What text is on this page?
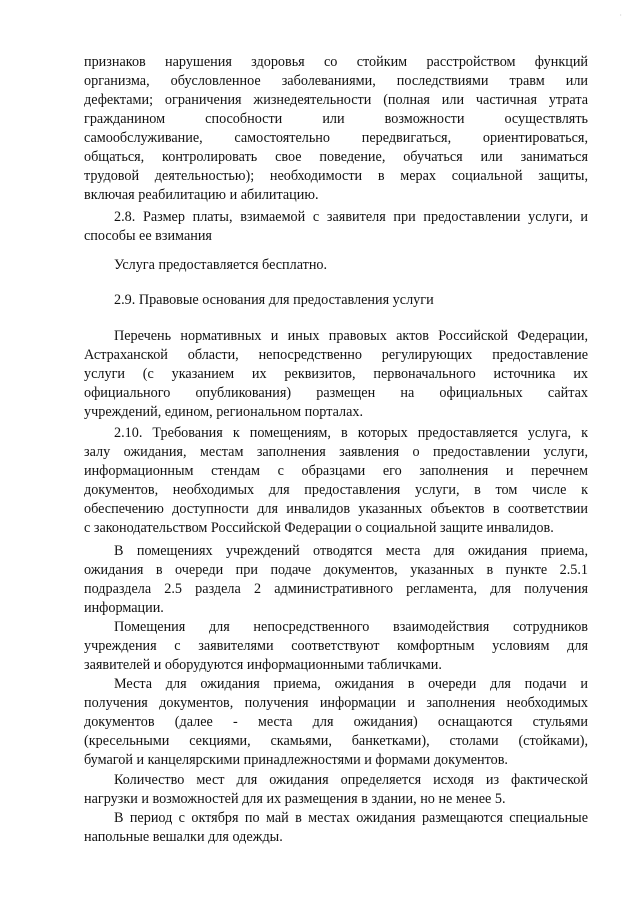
·
признаков нарушения здоровья со стойким расстройством функций
организма, обусловленное заболеваниями, последствиями травм или
дефектами; ограничения жизнедеятельности (полная или частичная утрата
гражданином способности или возможности осуществлять
самообслуживание, самостоятельно передвигаться, ориентироваться,
общаться, контролировать свое поведение, обучаться или заниматься
трудовой деятельностью); необходимости в мерах социальной защиты,
включая реабилитацию и абилитацию.
2.8. Размер платы, взимаемой с заявителя при предоставлении услуги, и
способы ее взимания
Услуга предоставляется бесплатно.
2.9. Правовые основания для предоставления услуги
Перечень нормативных и иных правовых актов Российской Федерации,
Астраханской области, непосредственно регулирующих предоставление
услуги (с указанием их реквизитов, первоначального источника их
официального опубликования) размещен на официальных сайтах
учреждений, едином, региональном порталах.
2.10. Требования к помещениям, в которых предоставляется услуга, к
залу ожидания, местам заполнения заявления о предоставлении услуги,
информационным стендам с образцами его заполнения и перечнем
документов, необходимых для предоставления услуги, в том числе к
обеспечению доступности для инвалидов указанных объектов в соответствии
с законодательством Российской Федерации о социальной защите инвалидов.
В помещениях учреждений отводятся места для ожидания приема,
ожидания в очереди при подаче документов, указанных в пункте 2.5.1
подраздела 2.5 раздела 2 административного регламента, для получения
информации.
Помещения для непосредственного взаимодействия сотрудников
учреждения с заявителями соответствуют комфортным условиям для
заявителей и оборудуются информационными табличками.
Места для ожидания приема, ожидания в очереди для подачи и
получения документов, получения информации и заполнения необходимых
документов (далее - места для ожидания) оснащаются стульями
(кресельными секциями, скамьями, банкетками), столами (стойками),
бумагой и канцелярскими принадлежностями и формами документов.
Количество мест для ожидания определяется исходя из фактической
нагрузки и возможностей для их размещения в здании, но не менее 5.
В период с октября по май в местах ожидания размещаются специальные
напольные вешалки для одежды.
